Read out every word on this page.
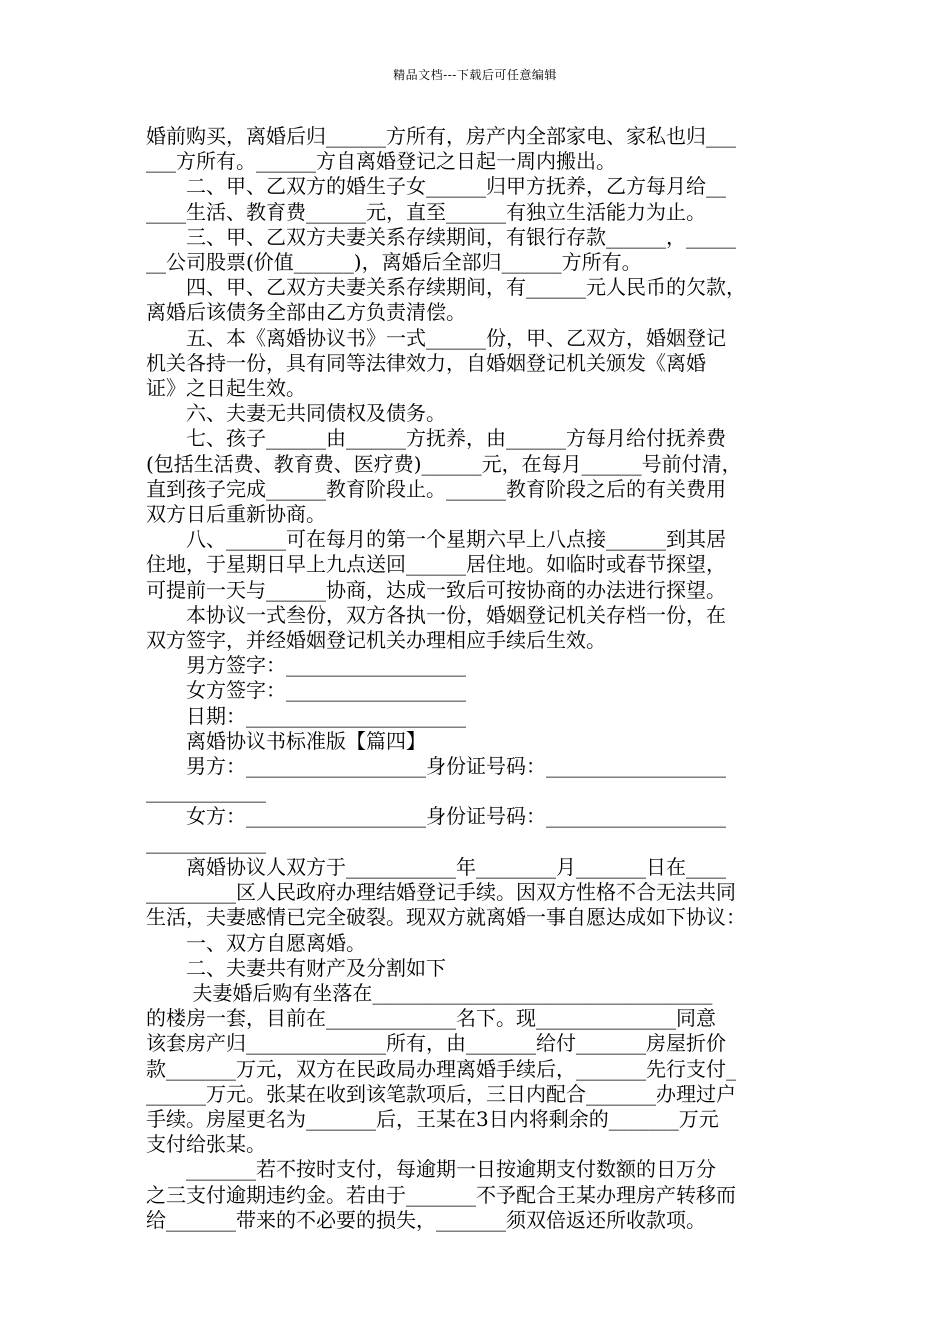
精品文档---下载后可任意编辑

婚前购买，离婚后归______方所有，房产内全部家电、家私也归___

___方所有。______方自离婚登记之日起一周内搬出。

　　二、甲、乙双方的婚生子女______归甲方抚养，乙方每月给__

____生活、教育费______元，直至______有独立生活能力为止。

　　三、甲、乙双方夫妻关系存续期间，有银行存款______，_____

__公司股票(价值______)，离婚后全部归______方所有。

　　四、甲、乙双方夫妻关系存续期间，有______元人民币的欠款，

离婚后该债务全部由乙方负责清偿。

　　五、本《离婚协议书》一式______份，甲、乙双方，婚姻登记

机关各持一份，具有同等法律效力，自婚姻登记机关颁发《离婚

证》之日起生效。

　　六、夫妻无共同债权及债务。

　　七、孩子______由______方抚养，由______方每月给付抚养费

(包括生活费、教育费、医疗费)______元，在每月______号前付清，

直到孩子完成______教育阶段止。______教育阶段之后的有关费用

双方日后重新协商。

　　八、______可在每月的第一个星期六早上八点接______到其居

住地，于星期日早上九点送回______居住地。如临时或春节探望，

可提前一天与______协商，达成一致后可按协商的办法进行探望。

　　本协议一式叁份，双方各执一份，婚姻登记机关存档一份，在

双方签字，并经婚姻登记机关办理相应手续后生效。

　　男方签字：__________________

　　女方签字：__________________

　　日期：______________________

　　离婚协议书标准版【篇四】

　　男方：__________________身份证号码：__________________

____________

　　女方：__________________身份证号码：__________________

____________

　　离婚协议人双方于___________年________月_______日在____

_________区人民政府办理结婚登记手续。因双方性格不合无法共同

生活，夫妻感情已完全破裂。现双方就离婚一事自愿达成如下协议：

　　一、双方自愿离婚。

　　二、夫妻共有财产及分割如下

　　 夫妻婚后购有坐落在__________________________________

的楼房一套，目前在_____________名下。现______________同意

该套房产归______________所有，由_______给付_______房屋折价

款_______万元，双方在民政局办理离婚手续后，_______先行支付_

______万元。张某在收到该笔款项后，三日内配合_______办理过户

手续。房屋更名为_______后，王某在3日内将剩余的_______万元

支付给张某。

　　_______若不按时支付，每逾期一日按逾期支付数额的日万分

之三支付逾期违约金。若由于_______不予配合王某办理房产转移而

给_______带来的不必要的损失，_______须双倍返还所收款项。
